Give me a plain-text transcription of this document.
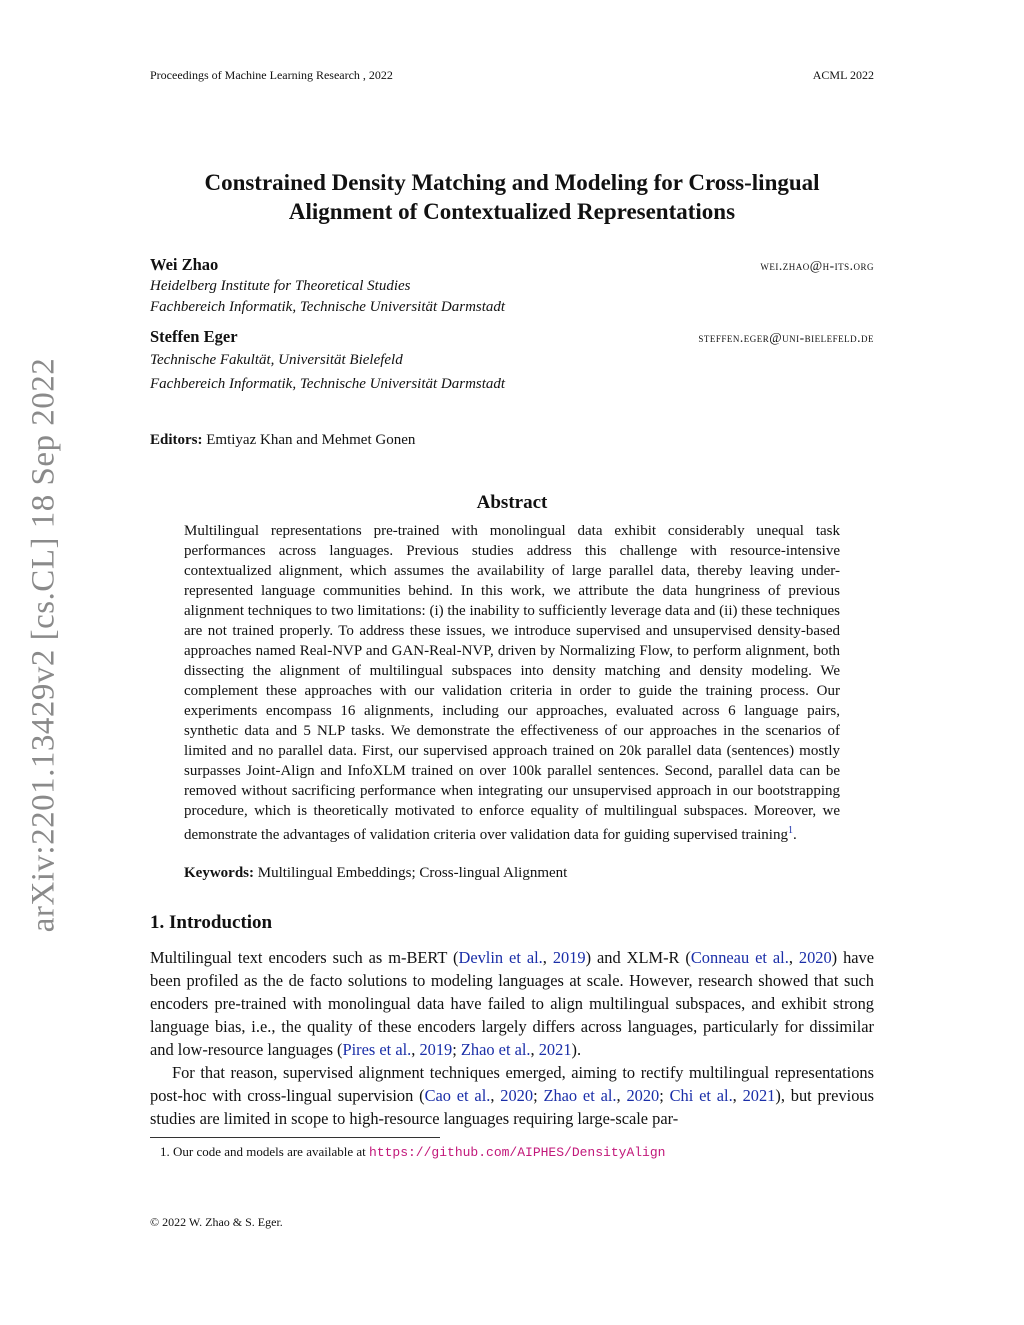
Proceedings of Machine Learning Research , 2022	ACML 2022
Constrained Density Matching and Modeling for Cross-lingual
Alignment of Contextualized Representations
Wei Zhao	wei.zhao@h-its.org
Heidelberg Institute for Theoretical Studies
Fachbereich Informatik, Technische Universität Darmstadt
Steffen Eger	steffen.eger@uni-bielefeld.de
Technische Fakultät, Universität Bielefeld
Fachbereich Informatik, Technische Universität Darmstadt
Editors: Emtiyaz Khan and Mehmet Gonen
Abstract

Multilingual representations pre-trained with monolingual data exhibit considerably unequal task performances across languages. Previous studies address this challenge with resource-intensive contextualized alignment, which assumes the availability of large parallel data, thereby leaving under-represented language communities behind. In this work, we attribute the data hungriness of previous alignment techniques to two limitations: (i) the inability to sufficiently leverage data and (ii) these techniques are not trained properly. To address these issues, we introduce supervised and unsupervised density-based approaches named Real-NVP and GAN-Real-NVP, driven by Normalizing Flow, to perform alignment, both dissecting the alignment of multilingual subspaces into density matching and density modeling. We complement these approaches with our validation criteria in order to guide the training process. Our experiments encompass 16 alignments, including our approaches, evaluated across 6 language pairs, synthetic data and 5 NLP tasks. We demonstrate the effectiveness of our approaches in the scenarios of limited and no parallel data. First, our supervised approach trained on 20k parallel data (sentences) mostly surpasses Joint-Align and InfoXLM trained on over 100k parallel sentences. Second, parallel data can be removed without sacrificing performance when integrating our unsupervised approach in our bootstrapping procedure, which is theoretically motivated to enforce equality of multilingual subspaces. Moreover, we demonstrate the advantages of validation criteria over validation data for guiding supervised training$^1$.

Keywords: Multilingual Embeddings; Cross-lingual Alignment
1. Introduction

Multilingual text encoders such as m-BERT (Devlin et al., 2019) and XLM-R (Conneau et al., 2020) have been profiled as the de facto solutions to modeling languages at scale. However, research showed that such encoders pre-trained with monolingual data have failed to align multilingual subspaces, and exhibit strong language bias, i.e., the quality of these encoders largely differs across languages, particularly for dissimilar and low-resource languages (Pires et al., 2019; Zhao et al., 2021).

For that reason, supervised alignment techniques emerged, aiming to rectify multilingual representations post-hoc with cross-lingual supervision (Cao et al., 2020; Zhao et al., 2020; Chi et al., 2021), but previous studies are limited in scope to high-resource languages requiring large-scale par-

1. Our code and models are available at https://github.com/AIPHES/DensityAlign
© 2022 W. Zhao & S. Eger.
arXiv:2201.13429v2 [cs.CL] 18 Sep 2022
